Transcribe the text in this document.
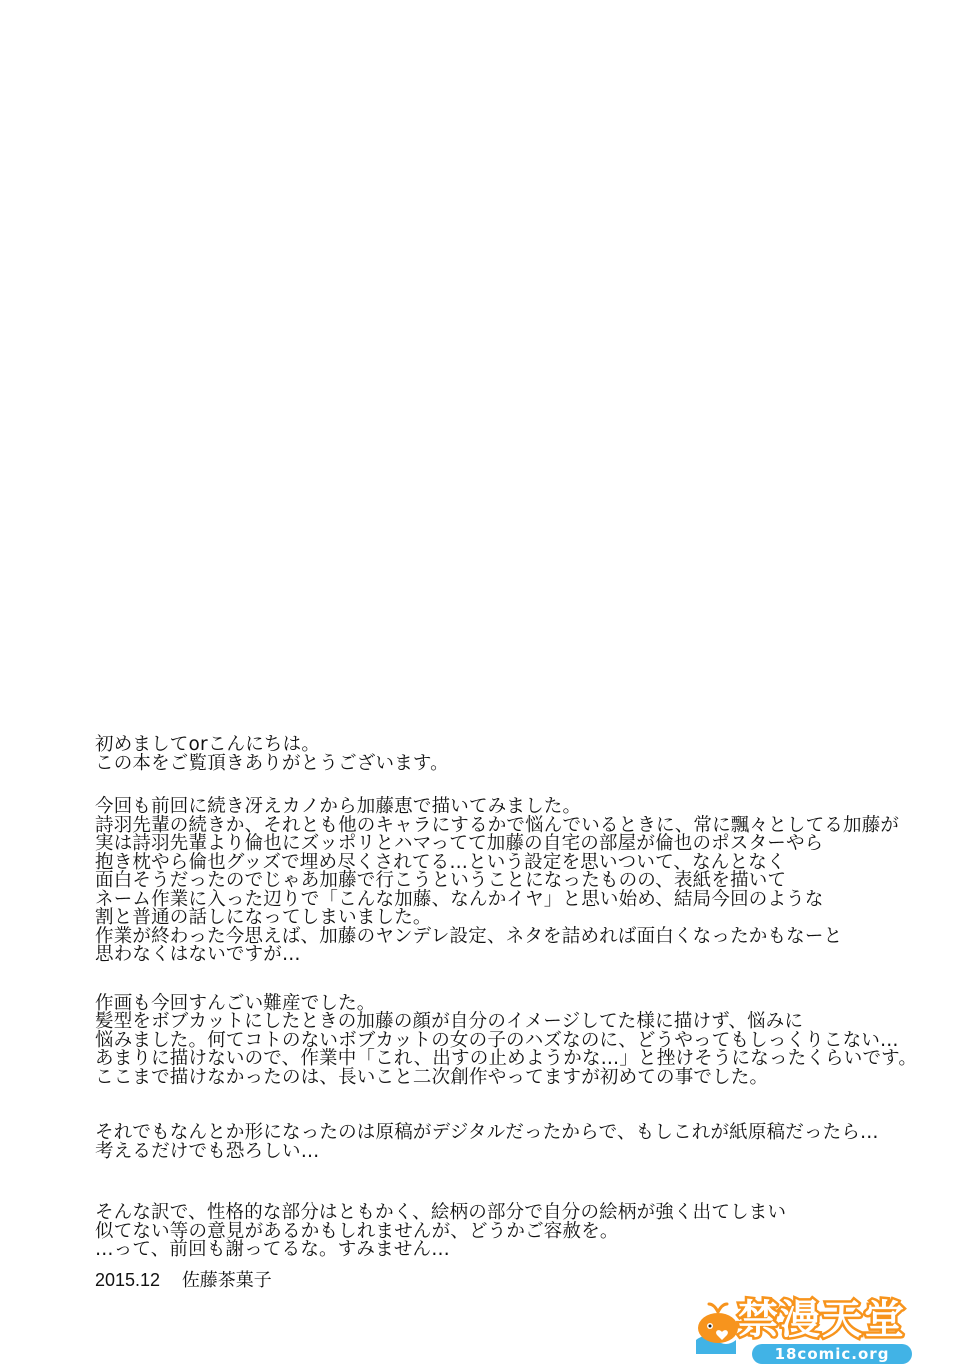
初めましてorこんにちは。
この本をご覧頂きありがとうございます。
今回も前回に続き冴えカノから加藤恵で描いてみました。
詩羽先輩の続きか、それとも他のキャラにするかで悩んでいるときに、常に飄々としてる加藤が
実は詩羽先輩より倫也にズッポリとハマってて加藤の自宅の部屋が倫也のポスターやら
抱き枕やら倫也グッズで埋め尽くされてる…という設定を思いついて、なんとなく
面白そうだったのでじゃあ加藤で行こうということになったものの、表紙を描いて
ネーム作業に入った辺りで「こんな加藤、なんかイヤ」と思い始め、結局今回のような
割と普通の話しになってしまいました。
作業が終わった今思えば、加藤のヤンデレ設定、ネタを詰めれば面白くなったかもなーと
思わなくはないですが…
作画も今回すんごい難産でした。
髪型をボブカットにしたときの加藤の顔が自分のイメージしてた様に描けず、悩みに
悩みました。何てコトのないボブカットの女の子のハズなのに、どうやってもしっくりこない…
あまりに描けないので、作業中「これ、出すの止めようかな…」と挫けそうになったくらいです。
ここまで描けなかったのは、長いこと二次創作やってますが初めての事でした。
それでもなんとか形になったのは原稿がデジタルだったからで、もしこれが紙原稿だったら…
考えるだけでも恐ろしい…
そんな訳で、性格的な部分はともかく、絵柄の部分で自分の絵柄が強く出てしまい
似てない等の意見があるかもしれませんが、どうかご容赦を。
…って、前回も謝ってるな。すみません…
2015.12 佐藤茶菓子
禁漫天堂
18comic.org
